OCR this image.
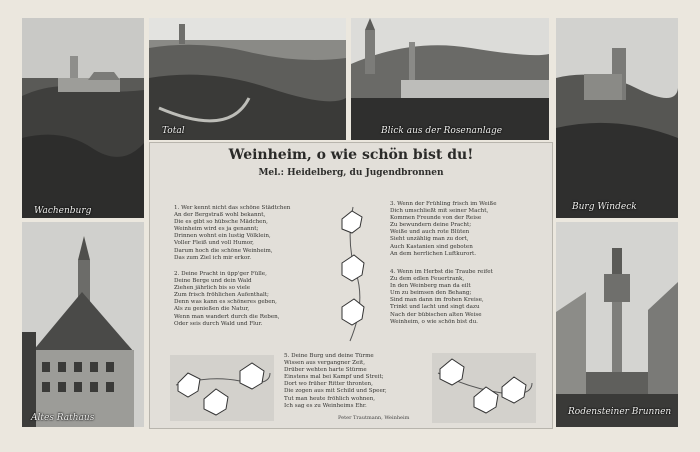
Wachenburg
Total	Blick aus der Rosenanlage
Burg Windeck
Altes Rathaus
Rodensteiner Brunnen
Weinheim, o wie schön bist du!
Mel.: Heidelberg, du Jugendbronnen
1. Wer kennt nicht das schöne Städtchen
An der Bergstraß wohl bekannt,
Die es gibt so hübsche Mädchen,
Weinheim wird es ja genannt;
Drinnen wohnt ein lustig Völklein,
Voller Fleiß und voll Humor,
Darum hoch die schöne Weinheim,
Das zum Ziel ich mir erkor.
2. Deine Pracht in üpp'ger Fülle,
Deine Berge und dein Wald
Ziehen jährlich bis so viele
Zum frisch fröhlichen Aufenthalt;
Denn was kann es schöneres geben,
Als zu genießen die Natur,
Wenn man wandert durch die Reben,
Oder seis durch Wald und Flur.
3. Wenn der Frühling frisch im Weiße
Dich umschließt mit seiner Macht,
Kommen Freunde von der Reise
Zu bewundern deine Pracht;
Weiße und auch rote Blüten
Sieht unzählig man zu dort,
Auch Kastanien sind geboten
An dem herrlichen Luftkurort.
4. Wenn im Herbst die Traube reifet
Zu dem edlen Feuertrank,
In den Weinberg man da eilt
Um zu beimsen den Behang;
Sind man dann im frohen Kreise,
Trinkt und lacht und singt dazu
Nach der bübischen alten Weise
Weinheim, o wie schön bist du.
5. Deine Burg und deine Türme
Wissen aus vergangner Zeit,
Drüber wehten harte Stürme
Einstens mal bei Kampf und Streit;
Dort wo früher Ritter thronten,
Die zogen aus mit Schild und Speer,
Tut man heute fröhlich wohnen,
Ich sag es zu Weinheims Ehr.
Peter Trautmann, Weinheim
